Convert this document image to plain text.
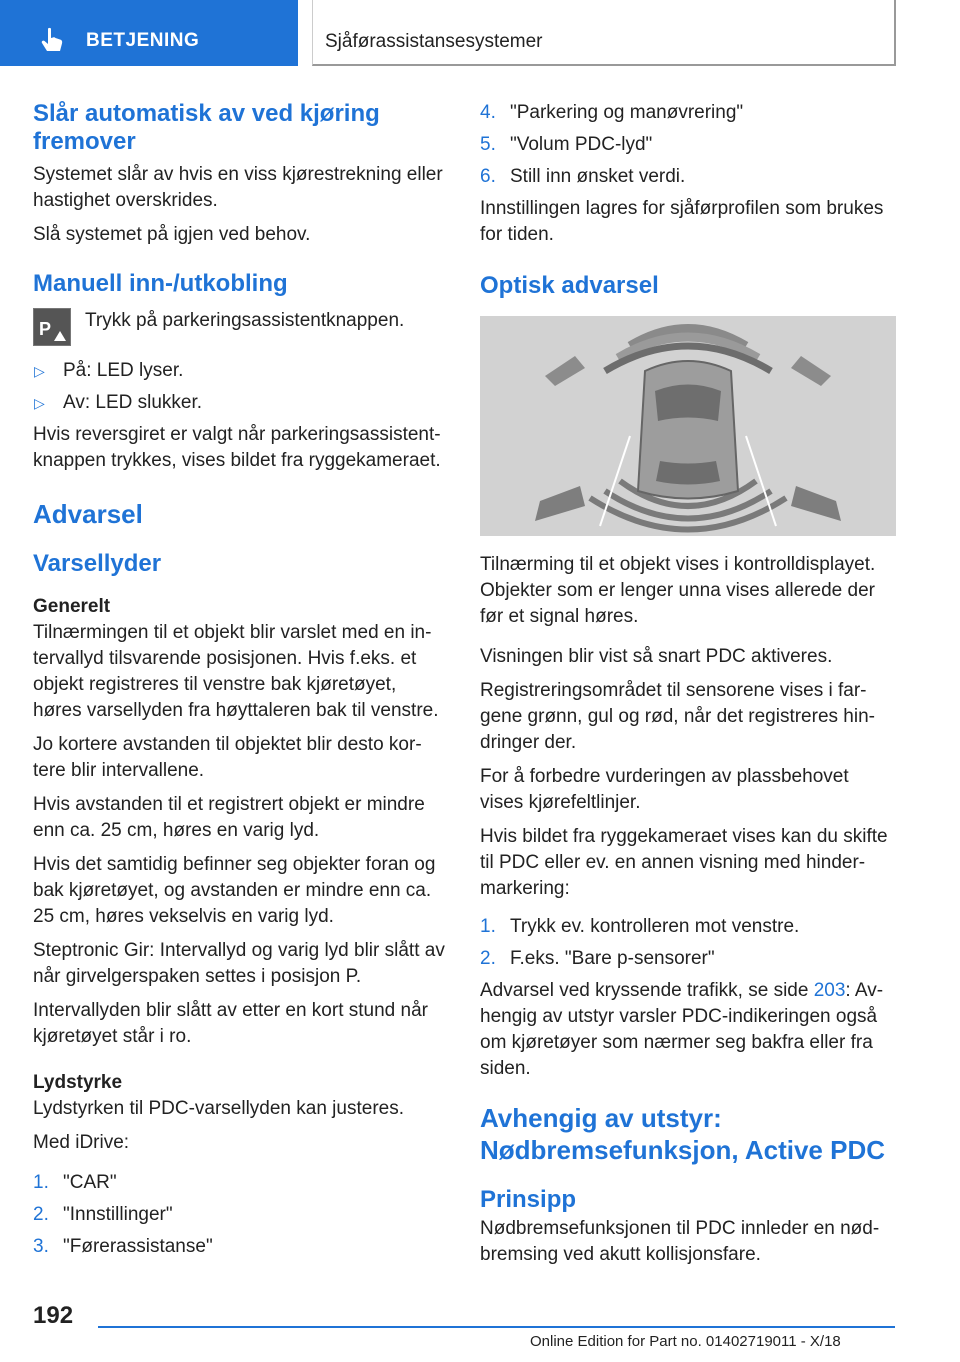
BETJENING	Sjåførassistansesystemer
Slår automatisk av ved kjøring fremover

Systemet slår av hvis en viss kjørestrekning eller hastighet overskrides.

Slå systemet på igjen ved behov.

Manuell inn-/utkobling
P Trykk på parkeringsassistentknappen.
▷ På: LED lyser.
▷ Av: LED slukker.

Hvis reversgiret er valgt når parkeringsassistentknappen trykkes, vises bildet fra ryggekameraet.

Advarsel
Varsellyder
Generelt

Tilnærmingen til et objekt blir varslet med en intervallyd tilsvarende posisjonen. Hvis f.eks. et objekt registreres til venstre bak kjøretøyet, høres varsellyden fra høyttaleren bak til venstre.

Jo kortere avstanden til objektet blir desto kortere blir intervallene.

Hvis avstanden til et registrert objekt er mindre enn ca. 25 cm, høres en varig lyd.

Hvis det samtidig befinner seg objekter foran og bak kjøretøyet, og avstanden er mindre enn ca. 25 cm, høres vekselvis en varig lyd.

Steptronic Gir: Intervallyd og varig lyd blir slått av når girvelgerspaken settes i posisjon P.

Intervallyden blir slått av etter en kort stund når kjøretøyet står i ro.

Lydstyrke

Lydstyrken til PDC-varsellyden kan justeres.

Med iDrive:

1. "CAR"
2. "Innstillinger"
3. "Førerassistanse"
4. "Parkering og manøvrering"
5. "Volum PDC-lyd"
6. Still inn ønsket verdi.

Innstillingen lagres for sjåførprofilen som brukes for tiden.

Optisk advarsel

Tilnærming til et objekt vises i kontrolldisplayet. Objekter som er lenger unna vises allerede der før et signal høres.

Visningen blir vist så snart PDC aktiveres.

Registreringsområdet til sensorene vises i fargene grønn, gul og rød, når det registreres hindringer der.

For å forbedre vurderingen av plassbehovet vises kjørefeltlinjer.

Hvis bildet fra ryggekameraet vises kan du skifte til PDC eller ev. en annen visning med hindermarkering:

1. Trykk ev. kontrolleren mot venstre.
2. F.eks. "Bare p-sensorer"

Advarsel ved kryssende trafikk, se side 203: Avhengig av utstyr varsler PDC-indikeringen også om kjøretøyer som nærmer seg bakfra eller fra siden.

Avhengig av utstyr: Nødbremsefunksjon, Active PDC
Prinsipp

Nødbremsefunksjonen til PDC innleder en nødbremsing ved akutt kollisjonsfare.

192
Online Edition for Part no. 01402719011 - X/18
